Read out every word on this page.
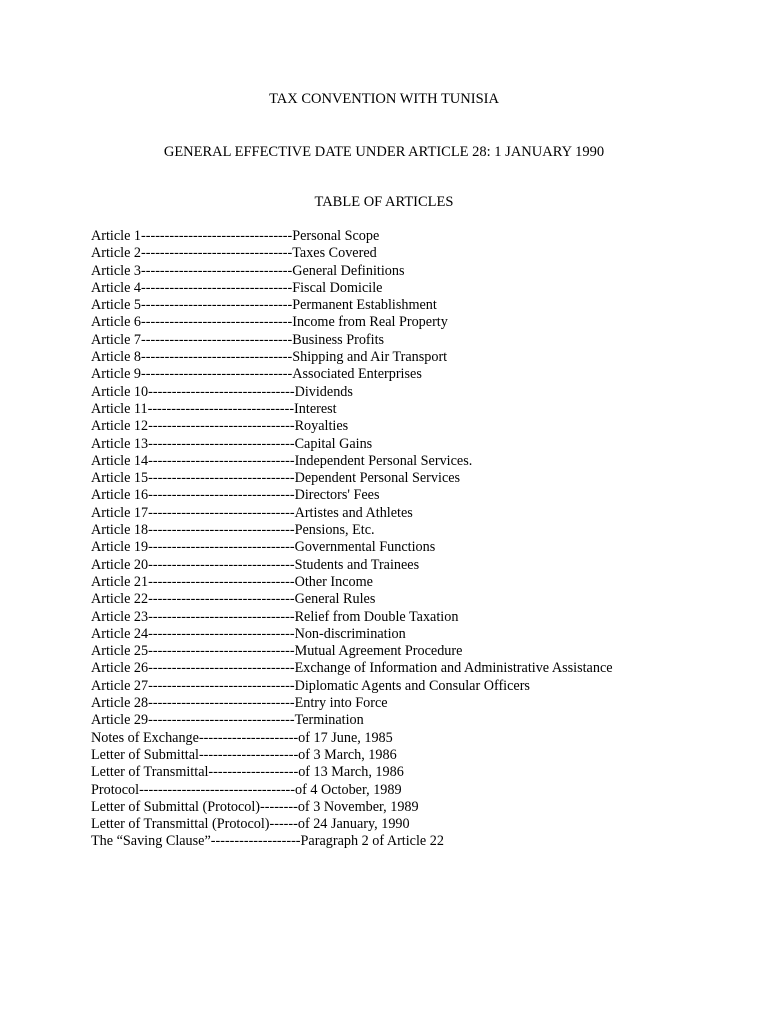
TAX CONVENTION WITH TUNISIA
GENERAL EFFECTIVE DATE UNDER ARTICLE 28: 1 JANUARY 1990
TABLE OF ARTICLES
Article 1--------------------------------Personal Scope
Article 2--------------------------------Taxes Covered
Article 3--------------------------------General Definitions
Article 4--------------------------------Fiscal Domicile
Article 5--------------------------------Permanent Establishment
Article 6--------------------------------Income from Real Property
Article 7--------------------------------Business Profits
Article 8--------------------------------Shipping and Air Transport
Article 9--------------------------------Associated Enterprises
Article 10-------------------------------Dividends
Article 11-------------------------------Interest
Article 12-------------------------------Royalties
Article 13-------------------------------Capital Gains
Article 14-------------------------------Independent Personal Services.
Article 15-------------------------------Dependent Personal Services
Article 16-------------------------------Directors' Fees
Article 17-------------------------------Artistes and Athletes
Article 18-------------------------------Pensions, Etc.
Article 19-------------------------------Governmental Functions
Article 20-------------------------------Students and Trainees
Article 21-------------------------------Other Income
Article 22-------------------------------General Rules
Article 23-------------------------------Relief from Double Taxation
Article 24-------------------------------Non-discrimination
Article 25-------------------------------Mutual Agreement Procedure
Article 26-------------------------------Exchange of Information and Administrative Assistance
Article 27-------------------------------Diplomatic Agents and Consular Officers
Article 28-------------------------------Entry into Force
Article 29-------------------------------Termination
Notes of Exchange---------------------of 17 June, 1985
Letter of Submittal---------------------of 3 March, 1986
Letter of Transmittal-------------------of 13 March, 1986
Protocol---------------------------------of 4 October, 1989
Letter of Submittal (Protocol)--------of 3 November, 1989
Letter of Transmittal (Protocol)------of 24 January, 1990
The “Saving Clause”-------------------Paragraph 2 of Article 22
